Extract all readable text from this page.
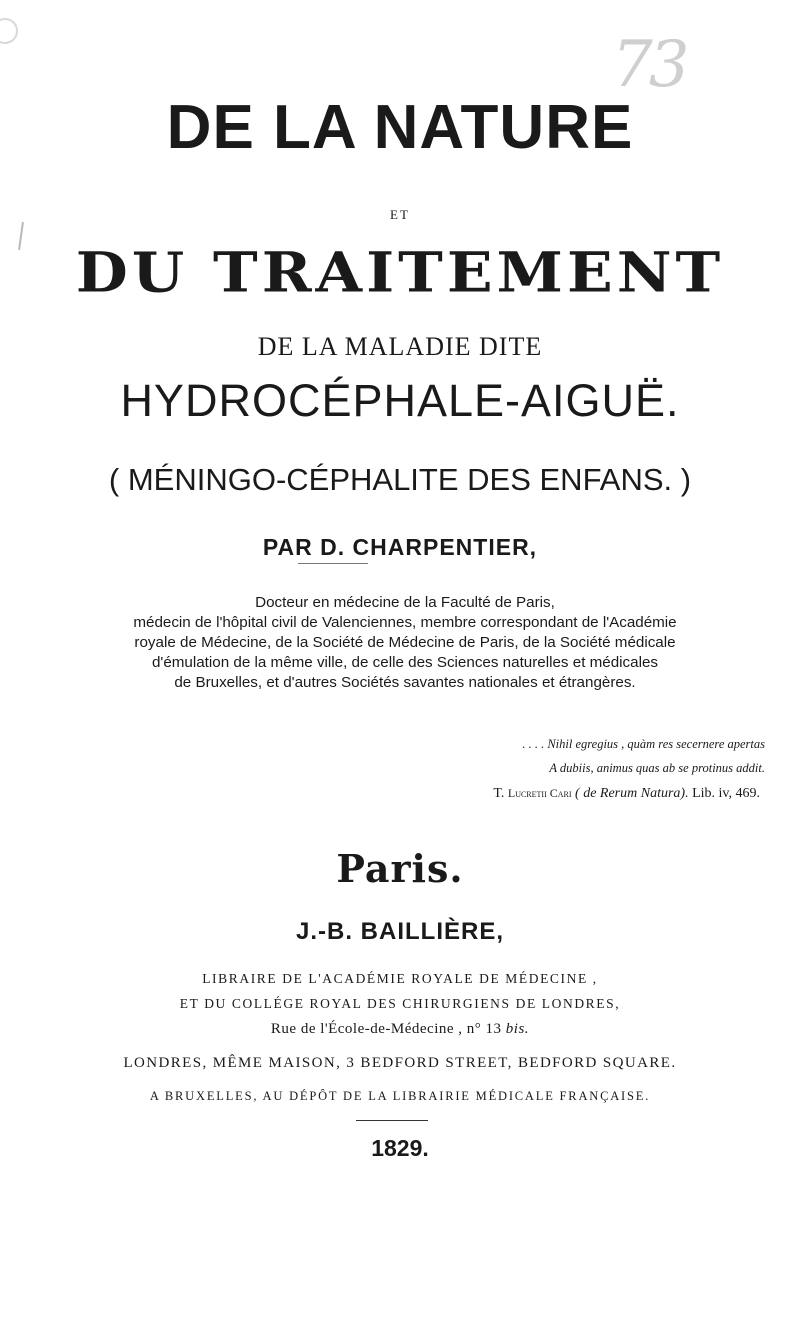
73
DE LA NATURE
ET
DU TRAITEMENT
DE LA MALADIE DITE
HYDROCÉPHALE-AIGUË.
( MÉNINGO-CÉPHALITE DES ENFANS. )
PAR D. CHARPENTIER,
Docteur en médecine de la Faculté de Paris,
médecin de l'hôpital civil de Valenciennes, membre correspondant de l'Académie
royale de Médecine, de la Société de Médecine de Paris, de la Société médicale
d'émulation de la même ville, de celle des Sciences naturelles et médicales
de Bruxelles, et d'autres Sociétés savantes nationales et étrangères.
. . . . Nihil egregius , quàm res secernere apertas
A dubiis, animus quas ab se protinus addit.
T. Lucretii Cari ( de Rerum Natura). Lib. iv, 469.
Paris.
J.-B. BAILLIÈRE,
LIBRAIRE DE L'ACADÉMIE ROYALE DE MÉDECINE ,
ET DU COLLÉGE ROYAL DES CHIRURGIENS DE LONDRES,
Rue de l'École-de-Médecine , n° 13 bis.
LONDRES, MÊME MAISON, 3 BEDFORD STREET, BEDFORD SQUARE.
A BRUXELLES, AU DÉPÔT DE LA LIBRAIRIE MÉDICALE FRANÇAISE.
1829.
